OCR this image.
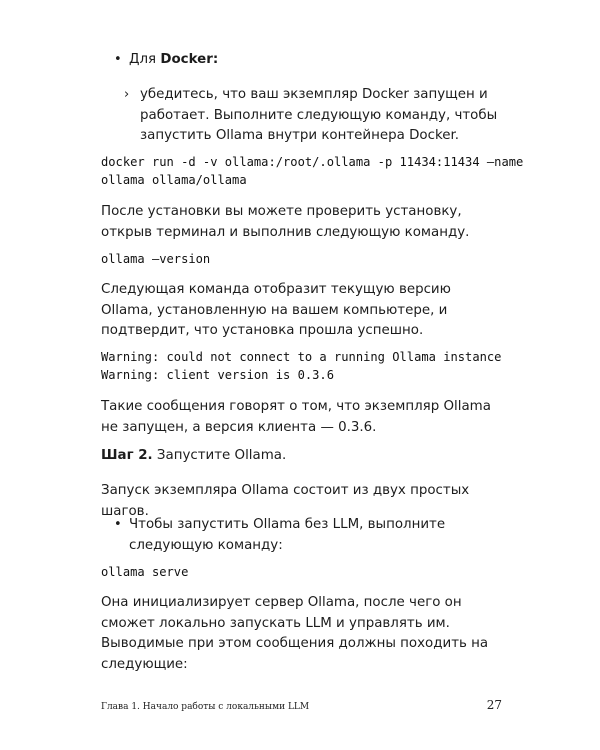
• Для Docker:

› убедитесь, что ваш экземпляр Docker запущен и работает. Выполните следующую команду, чтобы запустить Ollama внутри контейнера Docker.

docker run -d -v ollama:/root/.ollama -p 11434:11434 —name
ollama ollama/ollama

После установки вы можете проверить установку, открыв терминал и выполнив следующую команду.

ollama —version

Следующая команда отобразит текущую версию Ollama, установленную на вашем компьютере, и подтвердит, что установка прошла успешно.

Warning: could not connect to a running Ollama instance
Warning: client version is 0.3.6

Такие сообщения говорят о том, что экземпляр Ollama не запущен, а версия клиента — 0.3.6.

Шаг 2. Запустите Ollama.

Запуск экземпляра Ollama состоит из двух простых шагов.

• Чтобы запустить Ollama без LLM, выполните следующую команду:

ollama serve

Она инициализирует сервер Ollama, после чего он сможет локально запускать LLM и управлять им. Выводимые при этом сообщения должны походить на следующие:

Глава 1. Начало работы с локальными LLM	27
